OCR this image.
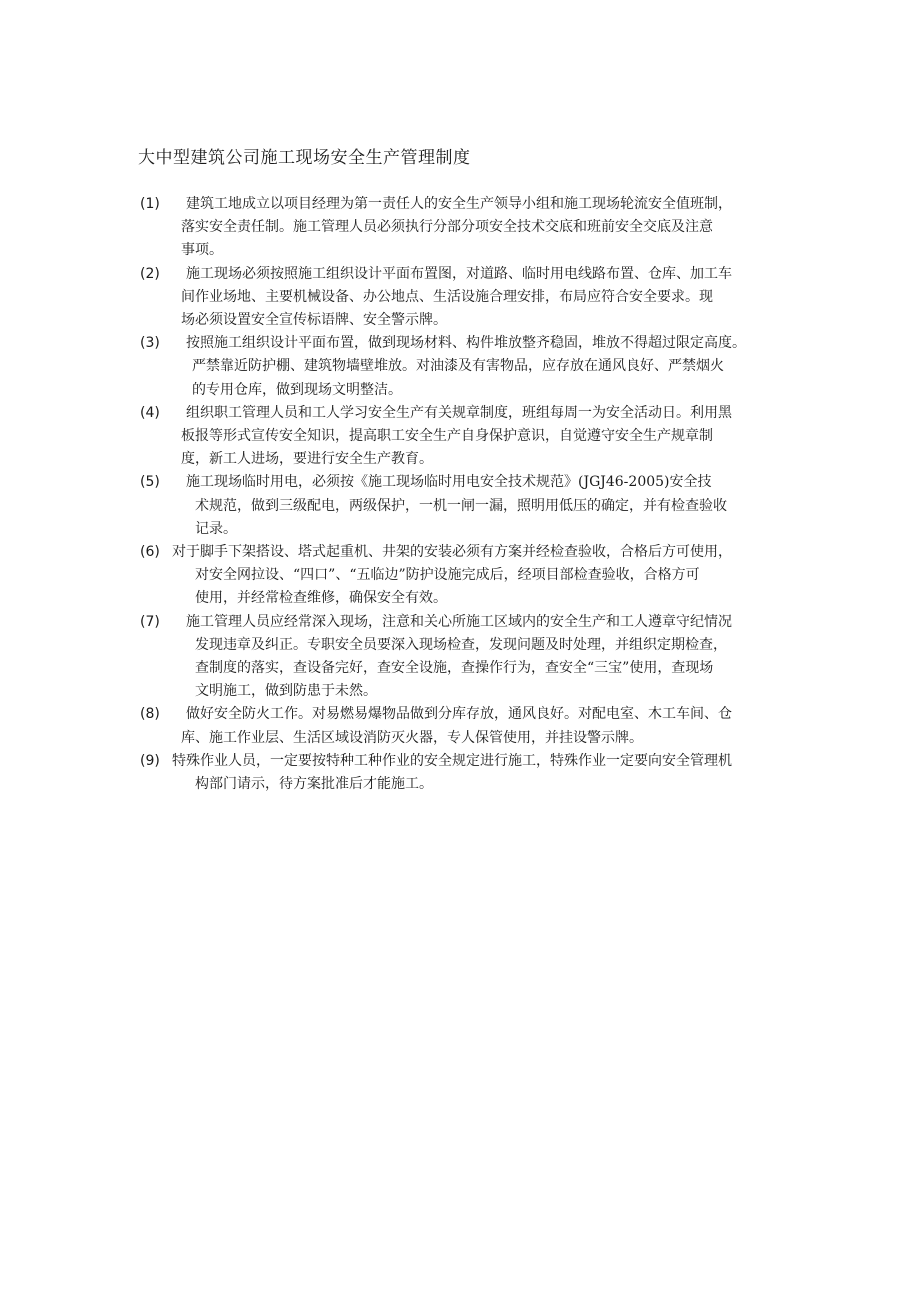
大中型建筑公司施工现场安全生产管理制度
(1)	建筑工地成立以项目经理为第一责任人的安全生产领导小组和施工现场轮流安全值班制，
落实安全责任制。施工管理人员必须执行分部分项安全技术交底和班前安全交底及注意
事项。
(2)	施工现场必须按照施工组织设计平面布置图，对道路、临时用电线路布置、仓库、加工车
间作业场地、主要机械设备、办公地点、生活设施合理安排，布局应符合安全要求。现
场必须设置安全宣传标语牌、安全警示牌。
(3)	按照施工组织设计平面布置，做到现场材料、构件堆放整齐稳固，堆放不得超过限定高度。
严禁靠近防护棚、建筑物墙壁堆放。对油漆及有害物品，应存放在通风良好、严禁烟火
的专用仓库，做到现场文明整洁。
(4)	组织职工管理人员和工人学习安全生产有关规章制度，班组每周一为安全活动日。利用黑
板报等形式宣传安全知识，提高职工安全生产自身保护意识，自觉遵守安全生产规章制
度，新工人进场，要进行安全生产教育。
(5)	施工现场临时用电，必须按《施工现场临时用电安全技术规范》(JGJ46-2005)安全技
术规范，做到三级配电，两级保护，一机一闸一漏，照明用低压的确定，并有检查验收
记录。
(6) 对于脚手下架搭设、塔式起重机、井架的安装必须有方案并经检查验收，合格后方可使用，
对安全网拉设、“四口”、“五临边”防护设施完成后，经项目部检查验收，合格方可
使用，并经常检查维修，确保安全有效。
(7)	施工管理人员应经常深入现场，注意和关心所施工区域内的安全生产和工人遵章守纪情况
发现违章及纠正。专职安全员要深入现场检查，发现问题及时处理，并组织定期检查，
查制度的落实，查设备完好，查安全设施，查操作行为，查安全“三宝”使用，查现场
文明施工，做到防患于未然。
(8)	做好安全防火工作。对易燃易爆物品做到分库存放，通风良好。对配电室、木工车间、仓
库、施工作业层、生活区域设消防灭火器，专人保管使用，并挂设警示牌。
(9) 特殊作业人员，一定要按特种工种作业的安全规定进行施工，特殊作业一定要向安全管理机
构部门请示，待方案批准后才能施工。
